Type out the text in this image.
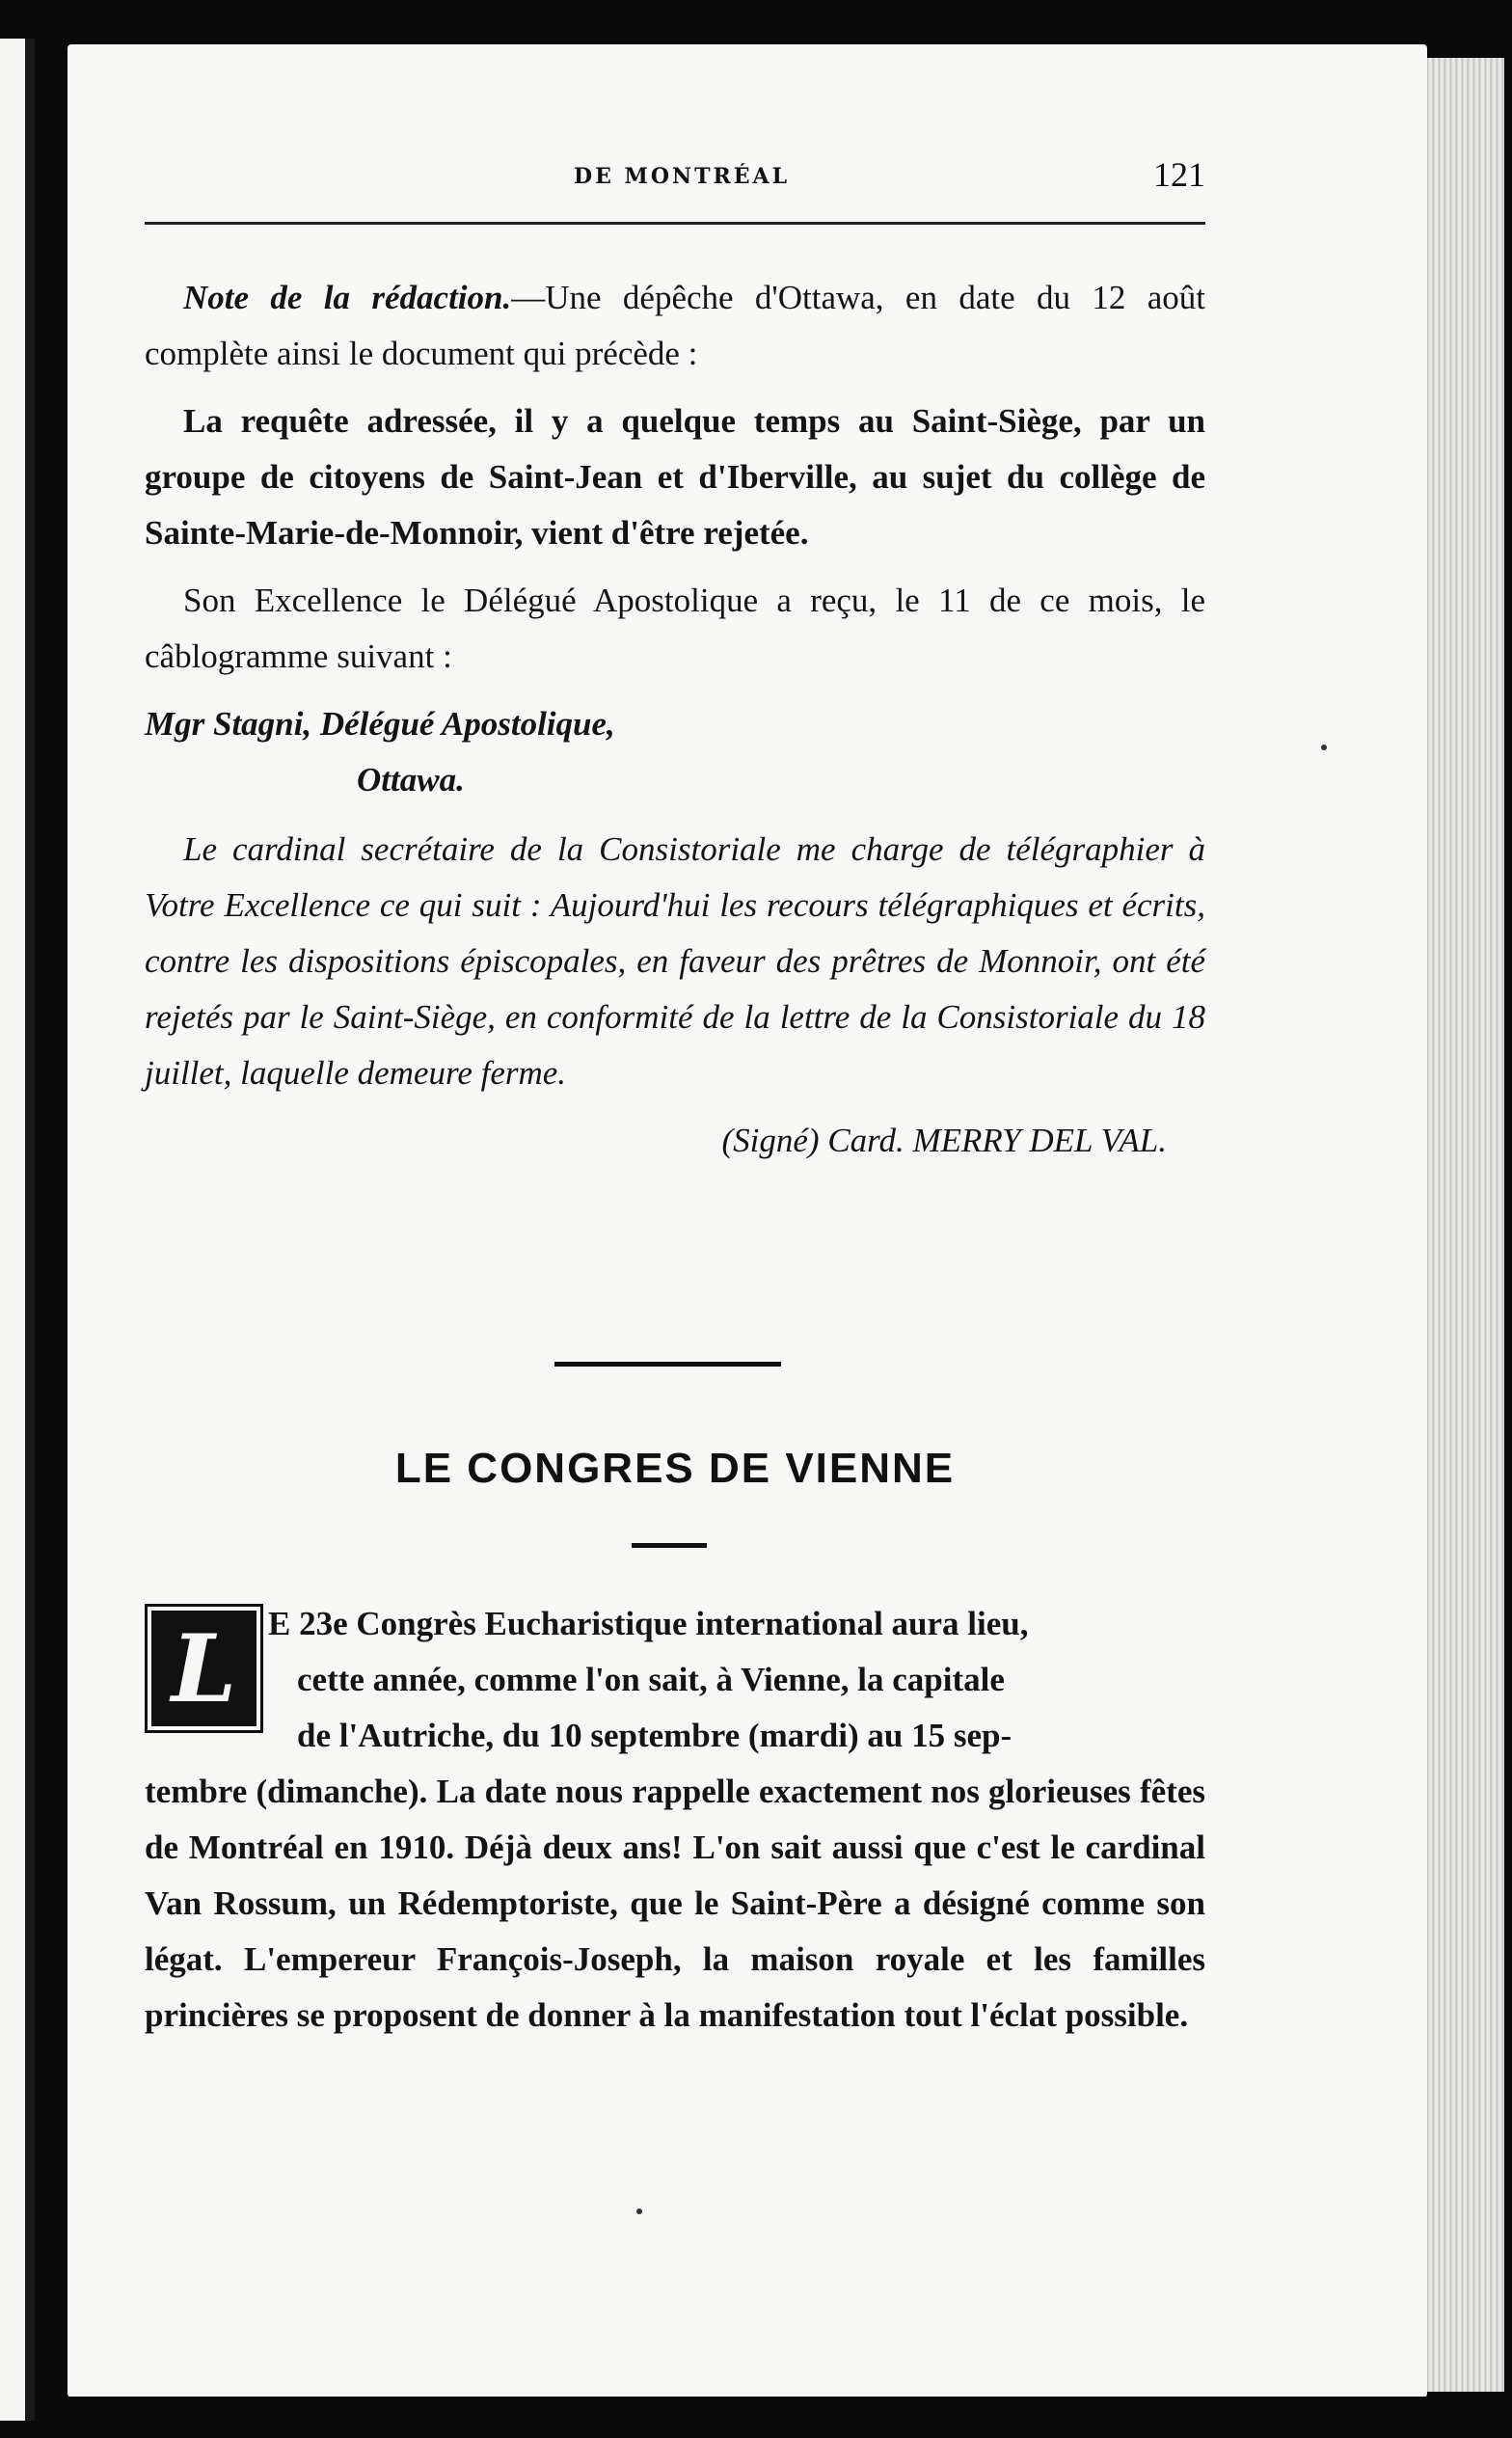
DE MONTRÉAL	121

Note de la rédaction.—Une dépêche d'Ottawa, en date du 12 août complète ainsi le document qui précède :

La requête adressée, il y a quelque temps au Saint-Siège, par un groupe de citoyens de Saint-Jean et d'Iberville, au sujet du collège de Sainte-Marie-de-Monnoir, vient d'être rejetée.

Son Excellence le Délégué Apostolique a reçu, le 11 de ce mois, le câblogramme suivant :

Mgr Stagni, Délégué Apostolique,
Ottawa.

Le cardinal secrétaire de la Consistoriale me charge de télégraphier à Votre Excellence ce qui suit : Aujourd'hui les recours télégraphiques et écrits, contre les dispositions épiscopales, en faveur des prêtres de Monnoir, ont été rejetés par le Saint-Siège, en conformité de la lettre de la Consistoriale du 18 juillet, laquelle demeure ferme.

(Signé) Card. MERRY DEL VAL.
LE CONGRES DE VIENNE
L E 23e Congrès Eucharistique international aura lieu,
cette année, comme l'on sait, à Vienne, la capitale
de l'Autriche, du 10 septembre (mardi) au 15 sep-
tembre (dimanche). La date nous rappelle exactement nos glorieuses fêtes de Montréal en 1910. Déjà deux ans! L'on sait aussi que c'est le cardinal Van Rossum, un Rédemptoriste, que le Saint-Père a désigné comme son légat. L'empereur François-Joseph, la maison royale et les familles princières se proposent de donner à la manifestation tout l'éclat possible.
